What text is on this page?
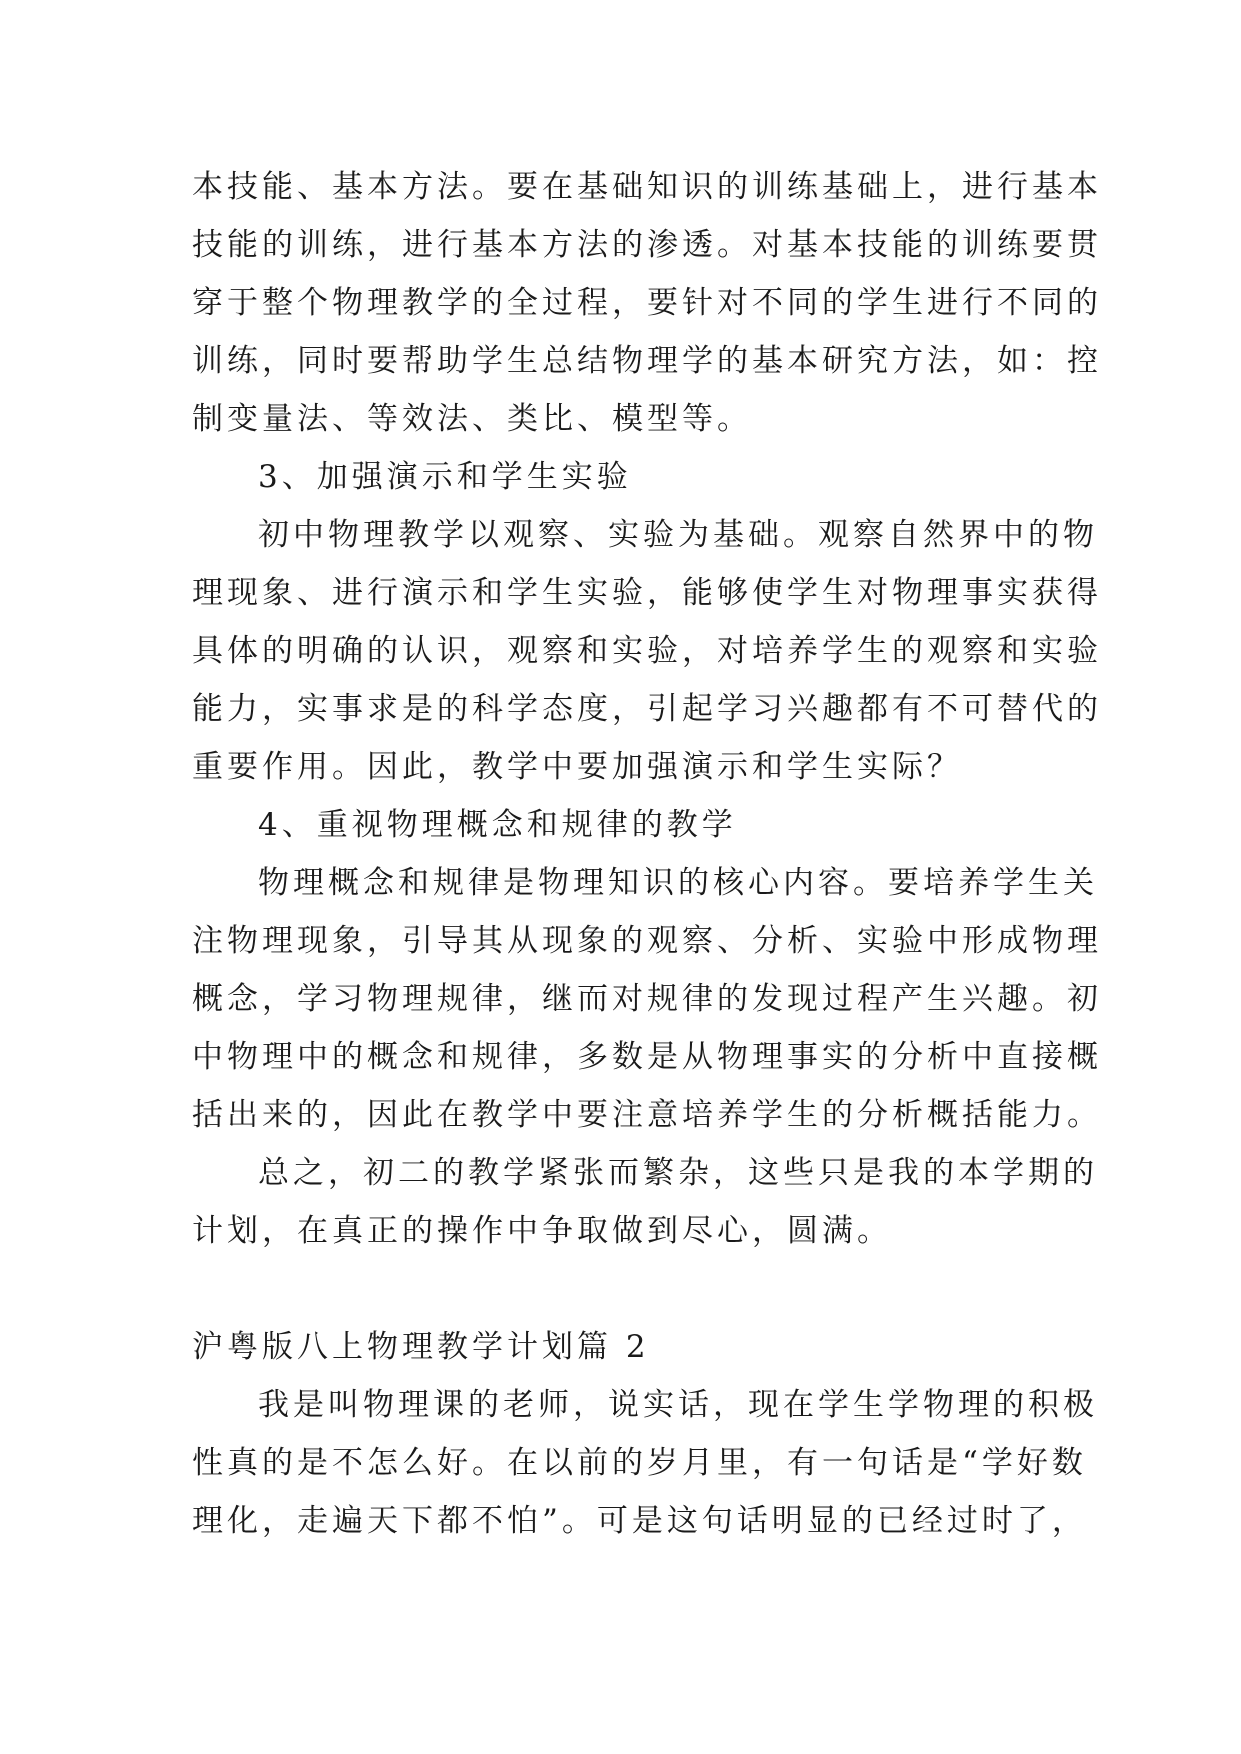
本技能、基本方法。要在基础知识的训练基础上，进行基本
技能的训练，进行基本方法的渗透。对基本技能的训练要贯
穿于整个物理教学的全过程，要针对不同的学生进行不同的
训练，同时要帮助学生总结物理学的基本研究方法，如：控
制变量法、等效法、类比、模型等。
3、加强演示和学生实验
初中物理教学以观察、实验为基础。观察自然界中的物
理现象、进行演示和学生实验，能够使学生对物理事实获得
具体的明确的认识，观察和实验，对培养学生的观察和实验
能力，实事求是的科学态度，引起学习兴趣都有不可替代的
重要作用。因此，教学中要加强演示和学生实际？
4、重视物理概念和规律的教学
物理概念和规律是物理知识的核心内容。要培养学生关
注物理现象，引导其从现象的观察、分析、实验中形成物理
概念，学习物理规律，继而对规律的发现过程产生兴趣。初
中物理中的概念和规律，多数是从物理事实的分析中直接概
括出来的，因此在教学中要注意培养学生的分析概括能力。
总之，初二的教学紧张而繁杂，这些只是我的本学期的
计划，在真正的操作中争取做到尽心，圆满。
沪粤版八上物理教学计划篇 2
我是叫物理课的老师，说实话，现在学生学物理的积极
性真的是不怎么好。在以前的岁月里，有一句话是“学好数
理化，走遍天下都不怕”。可是这句话明显的已经过时了，
